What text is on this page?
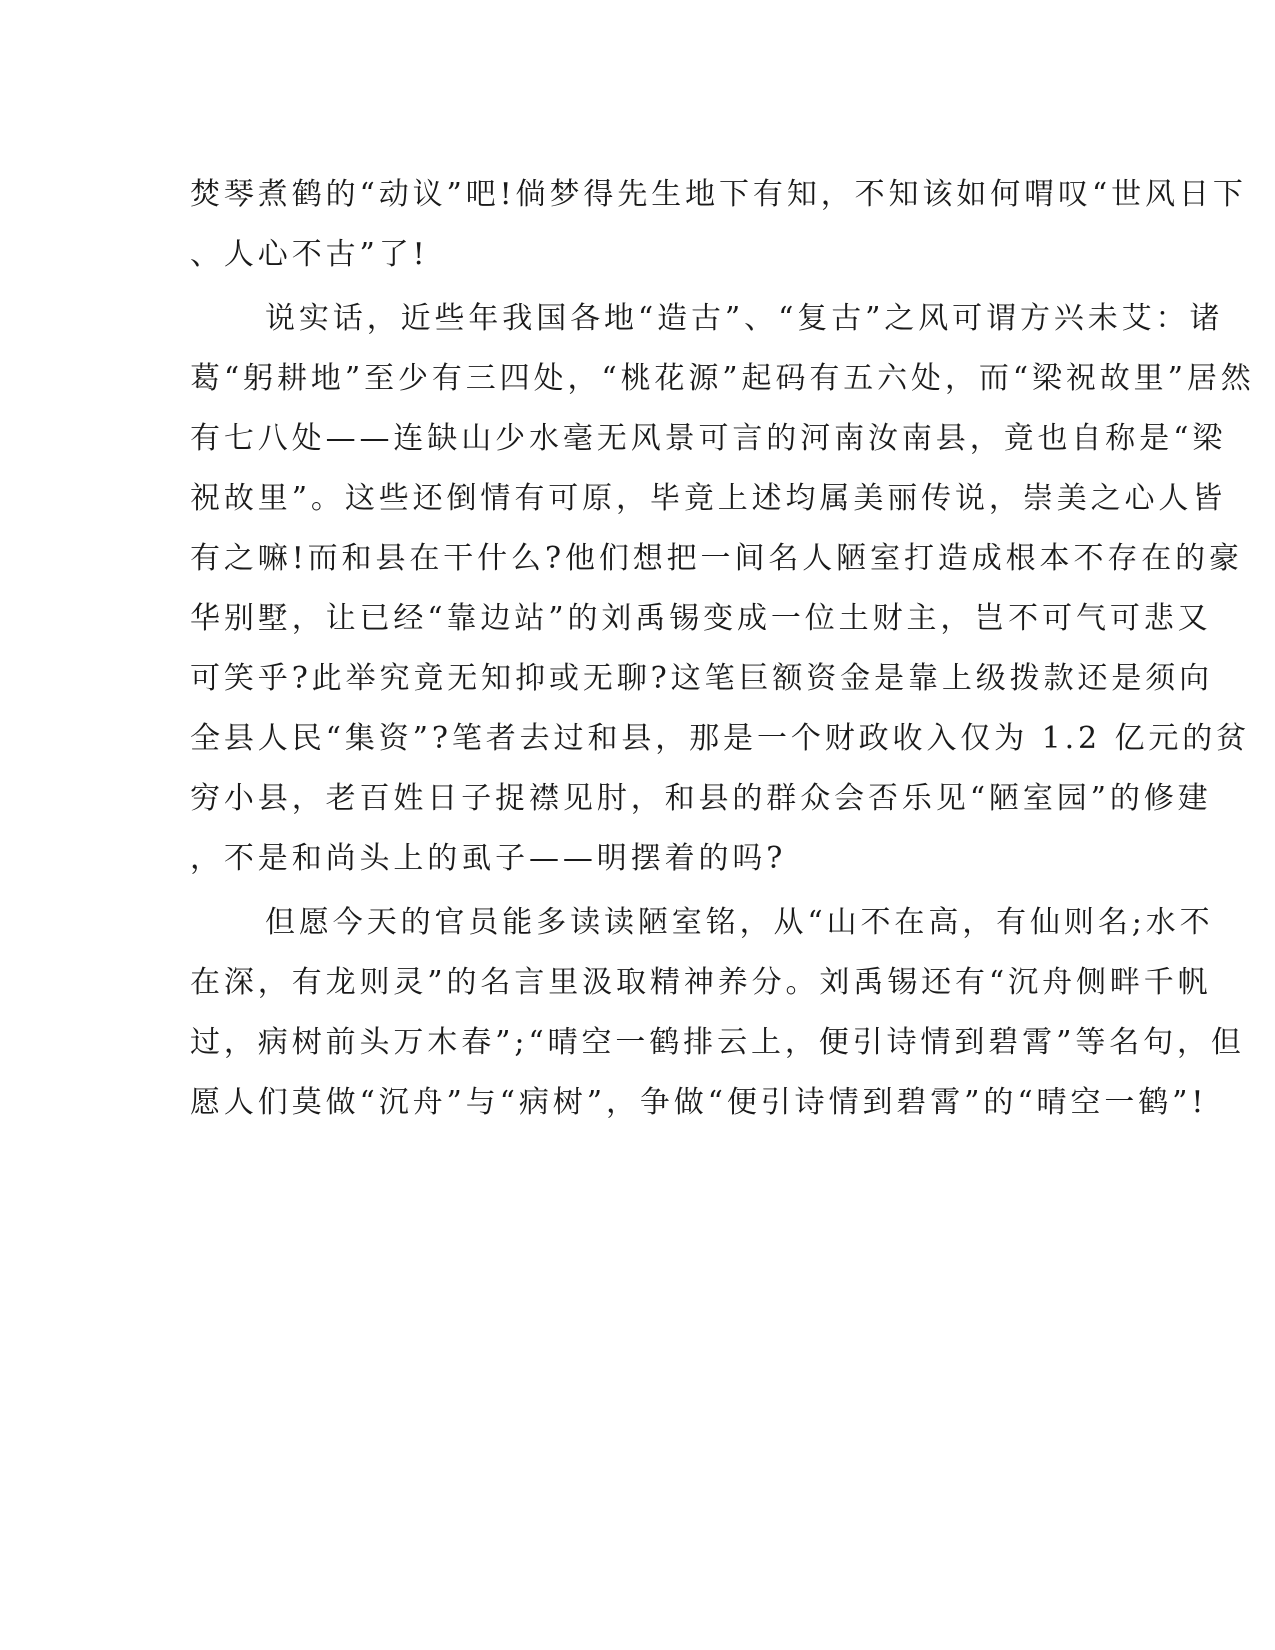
焚琴煮鹤的“动议”吧!倘梦得先生地下有知，不知该如何喟叹“世风日下
、人心不古”了!
说实话，近些年我国各地“造古”、“复古”之风可谓方兴未艾：诸
葛“躬耕地”至少有三四处，“桃花源”起码有五六处，而“梁祝故里”居然
有七八处——连缺山少水毫无风景可言的河南汝南县，竟也自称是“梁
祝故里”。这些还倒情有可原，毕竟上述均属美丽传说，崇美之心人皆
有之嘛!而和县在干什么?他们想把一间名人陋室打造成根本不存在的豪
华别墅，让已经“靠边站”的刘禹锡变成一位土财主，岂不可气可悲又
可笑乎?此举究竟无知抑或无聊?这笔巨额资金是靠上级拨款还是须向
全县人民“集资”?笔者去过和县，那是一个财政收入仅为 1.2 亿元的贫
穷小县，老百姓日子捉襟见肘，和县的群众会否乐见“陋室园”的修建
，不是和尚头上的虱子——明摆着的吗?
但愿今天的官员能多读读陋室铭，从“山不在高，有仙则名;水不
在深，有龙则灵”的名言里汲取精神养分。刘禹锡还有“沉舟侧畔千帆
过，病树前头万木春”;“晴空一鹤排云上，便引诗情到碧霄”等名句，但
愿人们莫做“沉舟”与“病树”，争做“便引诗情到碧霄”的“晴空一鹤”!
